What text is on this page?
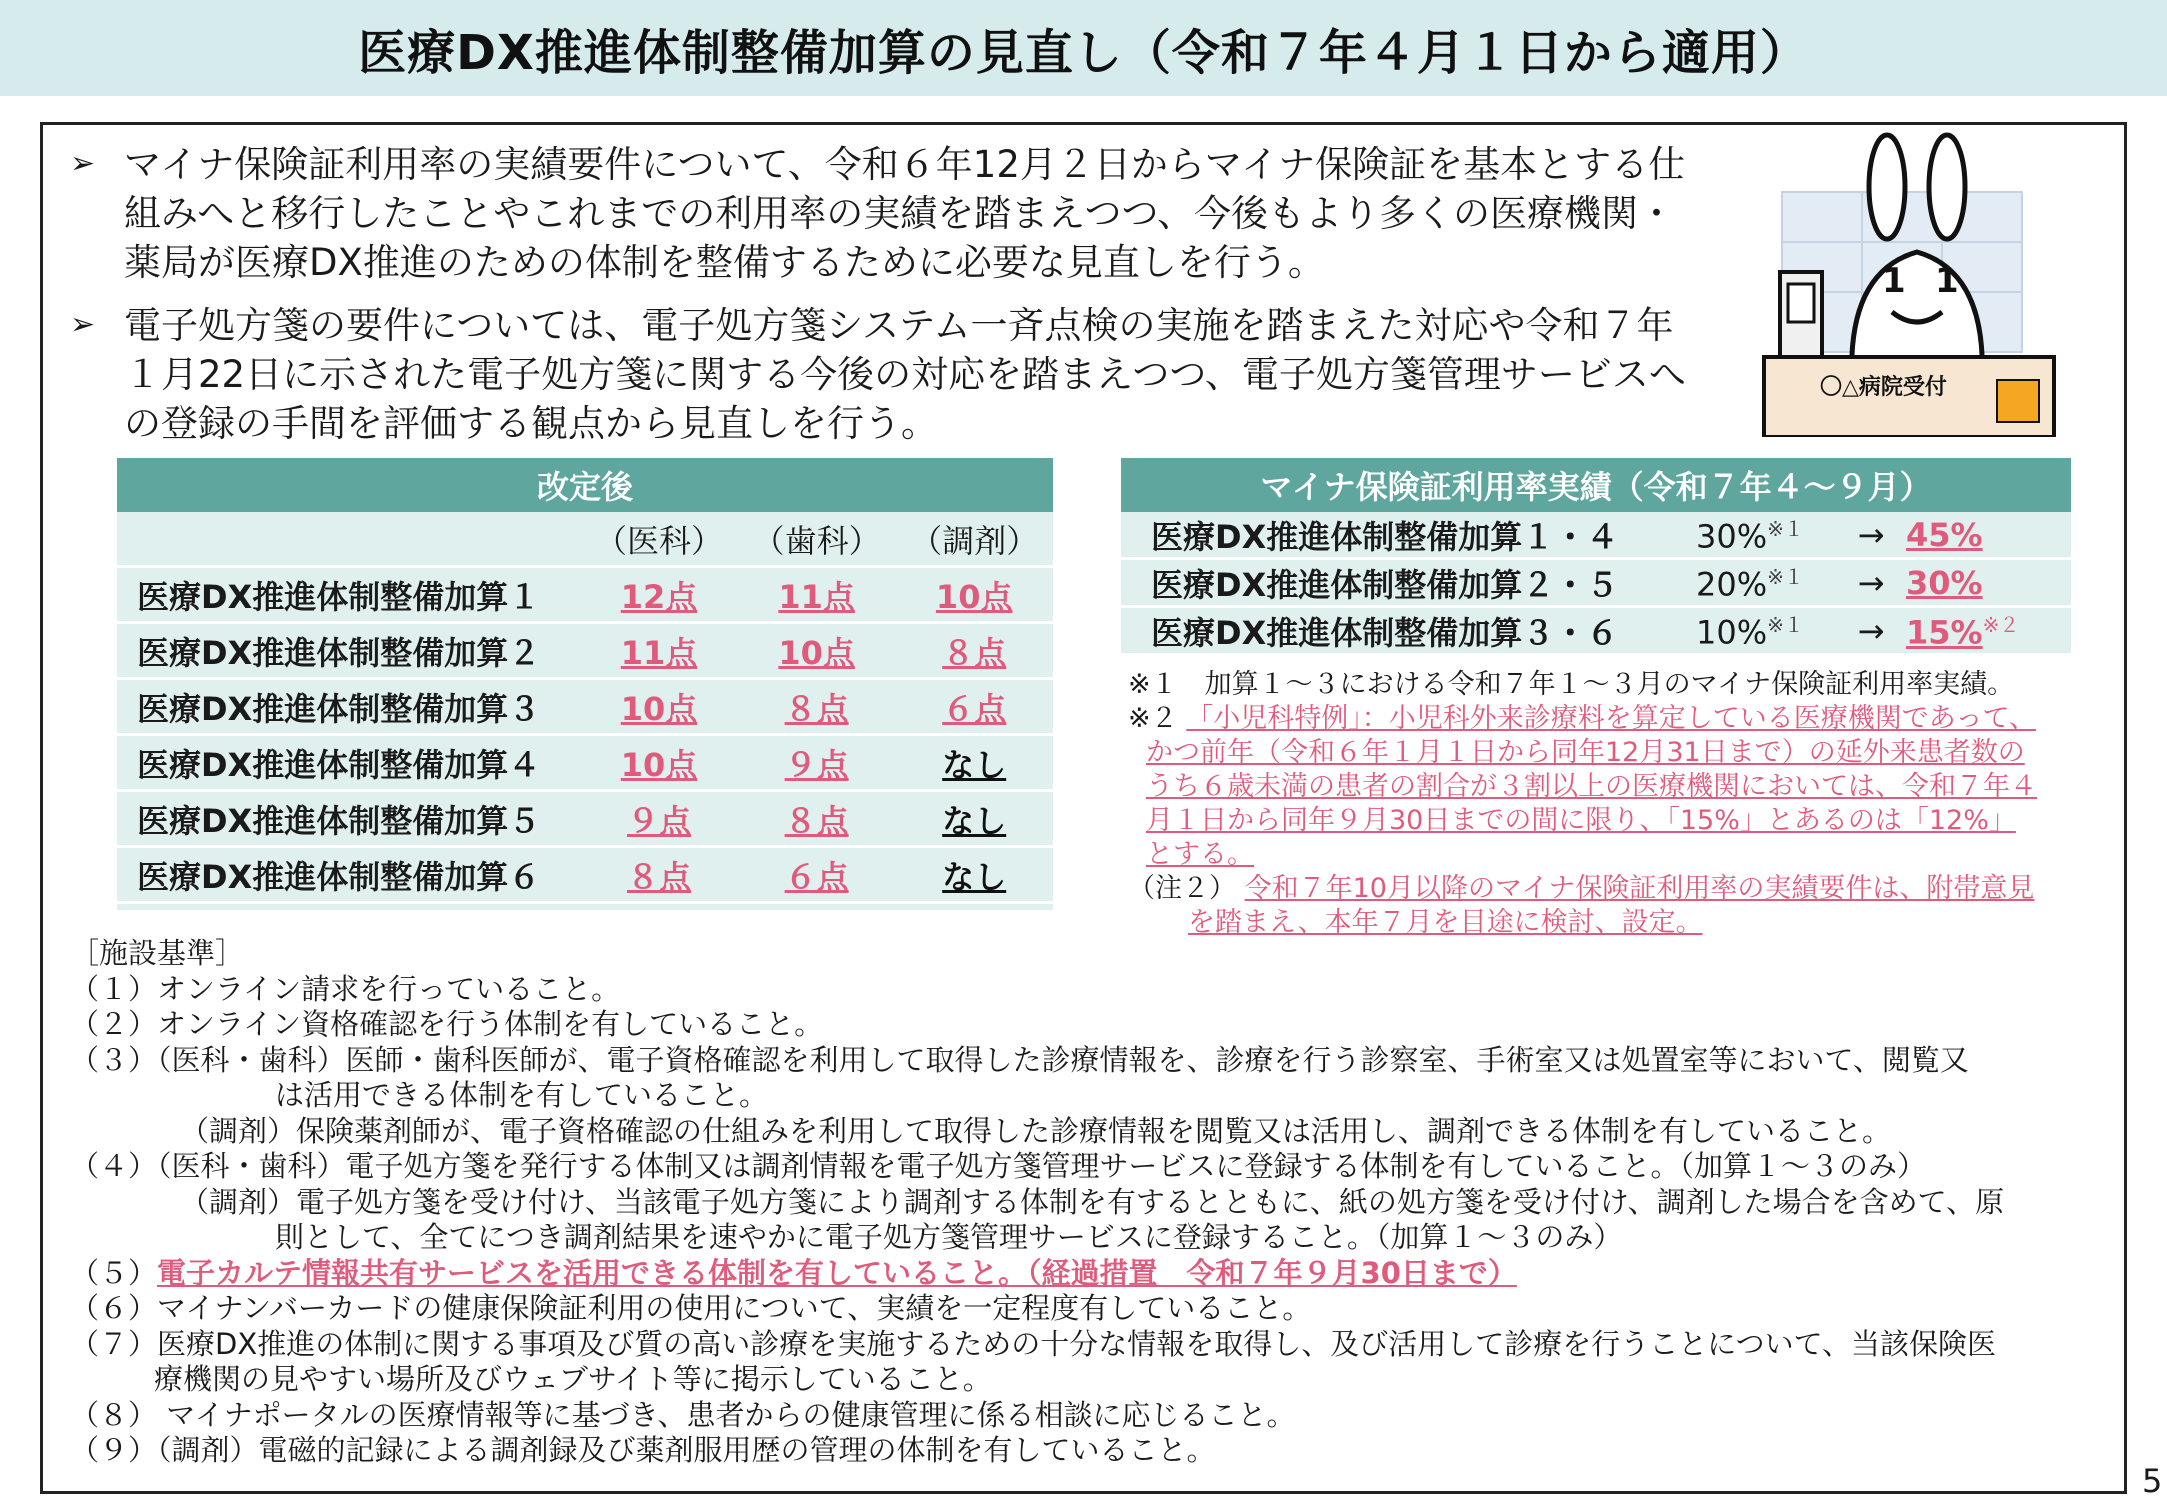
医療DX推進体制整備加算の見直し（令和７年４月１日から適用）
➢ マイナ保険証利用率の実績要件について、令和６年12月２日からマイナ保険証を基本とする仕組みへと移行したことやこれまでの利用率の実績を踏まえつつ、今後もより多くの医療機関・薬局が医療DX推進のための体制を整備するために必要な見直しを行う。
➢ 電子処方箋の要件については、電子処方箋システム一斉点検の実施を踏まえた対応や令和７年１月22日に示された電子処方箋に関する今後の対応を踏まえつつ、電子処方箋管理サービスへの登録の手間を評価する観点から見直しを行う。
1 1
〇△病院受付
改定後
（医科） （歯科） （調剤）
医療DX推進体制整備加算１	12点	11点	10点
医療DX推進体制整備加算２	11点	10点	８点
医療DX推進体制整備加算３	10点	８点	６点
医療DX推進体制整備加算４	10点	９点	なし
医療DX推進体制整備加算５	９点	８点	なし
医療DX推進体制整備加算６	８点	６点	なし
マイナ保険証利用率実績（令和７年４～９月）
医療DX推進体制整備加算１・４	30%$^{※1}$	→ 45%
医療DX推進体制整備加算２・５	20%$^{※1}$	→ 30%
医療DX推進体制整備加算３・６	10%$^{※1}$	→ 15%$^{※2}$
※１　加算１～３における令和７年１～３月のマイナ保険証利用率実績。
※２ 「小児科特例」：小児科外来診療料を算定している医療機関であって、
かつ前年（令和６年１月１日から同年12月31日まで）の延外来患者数の
うち６歳未満の患者の割合が３割以上の医療機関においては、令和７年４
月１日から同年９月30日までの間に限り、「15%」とあるのは「12%」
とする。
（注２） 令和７年10月以降のマイナ保険証利用率の実績要件は、附帯意見
を踏まえ、本年７月を目途に検討、設定。
［施設基準］
（１）オンライン請求を行っていること。
（２）オンライン資格確認を行う体制を有していること。
（３）（医科・歯科）医師・歯科医師が、電子資格確認を利用して取得した診療情報を、診療を行う診察室、手術室又は処置室等において、閲覧又
は活用できる体制を有していること。
（調剤）保険薬剤師が、電子資格確認の仕組みを利用して取得した診療情報を閲覧又は活用し、調剤できる体制を有していること。
（４）（医科・歯科）電子処方箋を発行する体制又は調剤情報を電子処方箋管理サービスに登録する体制を有していること。（加算１～３のみ）
（調剤）電子処方箋を受け付け、当該電子処方箋により調剤する体制を有するとともに、紙の処方箋を受け付け、調剤した場合を含めて、原
則として、全てにつき調剤結果を速やかに電子処方箋管理サービスに登録すること。（加算１～３のみ）
（５）電子カルテ情報共有サービスを活用できる体制を有していること。（経過措置　令和７年９月30日まで）
（６）マイナンバーカードの健康保険証利用の使用について、実績を一定程度有していること。
（７）医療DX推進の体制に関する事項及び質の高い診療を実施するための十分な情報を取得し、及び活用して診療を行うことについて、当該保険医
療機関の見やすい場所及びウェブサイト等に掲示していること。
（８） マイナポータルの医療情報等に基づき、患者からの健康管理に係る相談に応じること。
（９）（調剤）電磁的記録による調剤録及び薬剤服用歴の管理の体制を有していること。
5
